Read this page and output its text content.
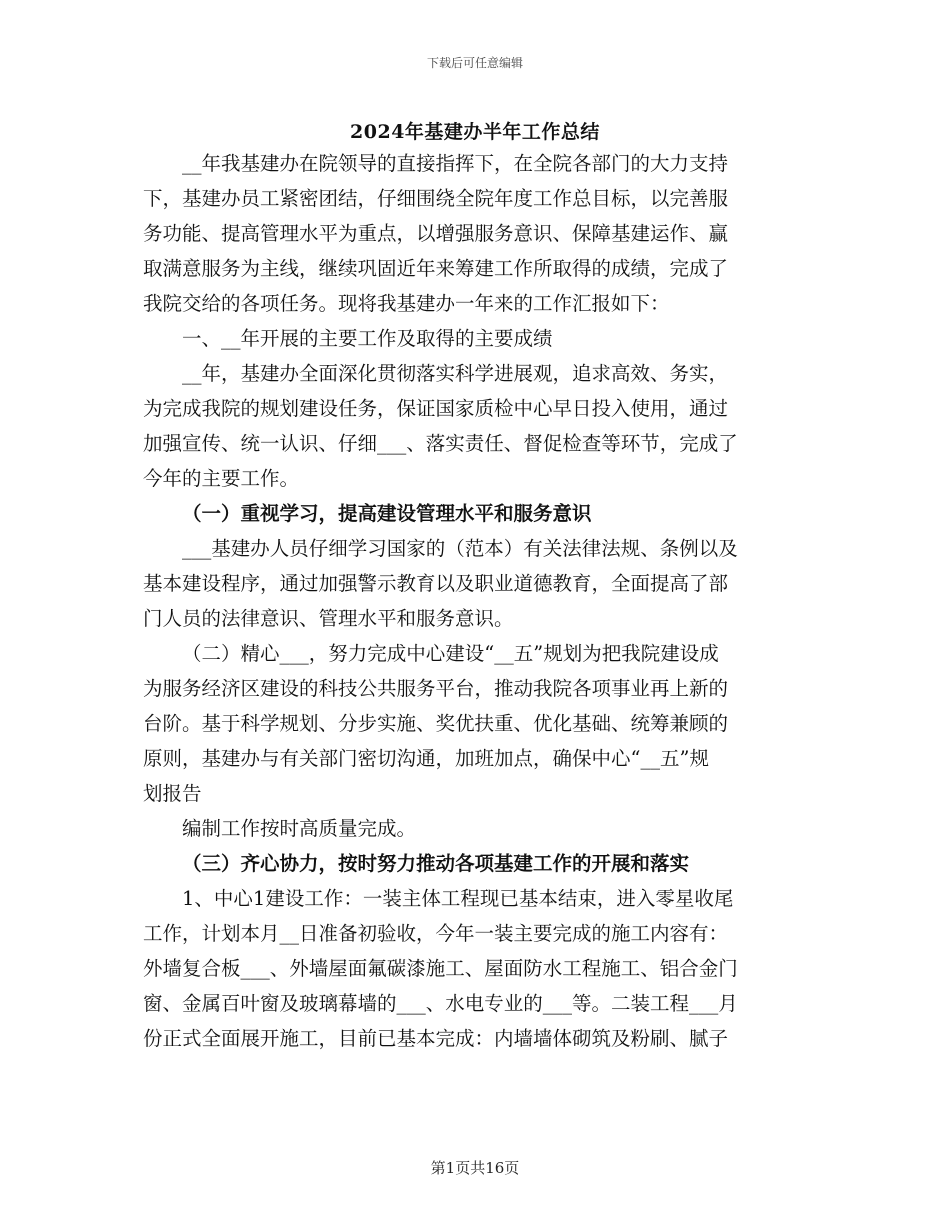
下载后可任意编辑
2024年基建办半年工作总结

__年我基建办在院领导的直接指挥下，在全院各部门的大力支持

下，基建办员工紧密团结，仔细围绕全院年度工作总目标，以完善服

务功能、提高管理水平为重点，以增强服务意识、保障基建运作、赢

取满意服务为主线，继续巩固近年来筹建工作所取得的成绩，完成了

我院交给的各项任务。现将我基建办一年来的工作汇报如下：

一、__年开展的主要工作及取得的主要成绩

__年，基建办全面深化贯彻落实科学进展观，追求高效、务实，

为完成我院的规划建设任务，保证国家质检中心早日投入使用，通过

加强宣传、统一认识、仔细___、落实责任、督促检查等环节，完成了

今年的主要工作。

（一）重视学习，提高建设管理水平和服务意识

___基建办人员仔细学习国家的（范本）有关法律法规、条例以及

基本建设程序，通过加强警示教育以及职业道德教育，全面提高了部

门人员的法律意识、管理水平和服务意识。

（二）精心___，努力完成中心建设“__五”规划为把我院建设成

为服务经济区建设的科技公共服务平台，推动我院各项事业再上新的

台阶。基于科学规划、分步实施、奖优扶重、优化基础、统筹兼顾的

原则，基建办与有关部门密切沟通，加班加点，确保中心“__五”规

划报告

编制工作按时高质量完成。

（三）齐心协力，按时努力推动各项基建工作的开展和落实

1、中心1建设工作：一装主体工程现已基本结束，进入零星收尾

工作，计划本月__日准备初验收，今年一装主要完成的施工内容有：

外墙复合板___、外墙屋面氟碳漆施工、屋面防水工程施工、铝合金门

窗、金属百叶窗及玻璃幕墙的___、水电专业的___等。二装工程___月

份正式全面展开施工，目前已基本完成：内墙墙体砌筑及粉刷、腻子

第1页共16页
